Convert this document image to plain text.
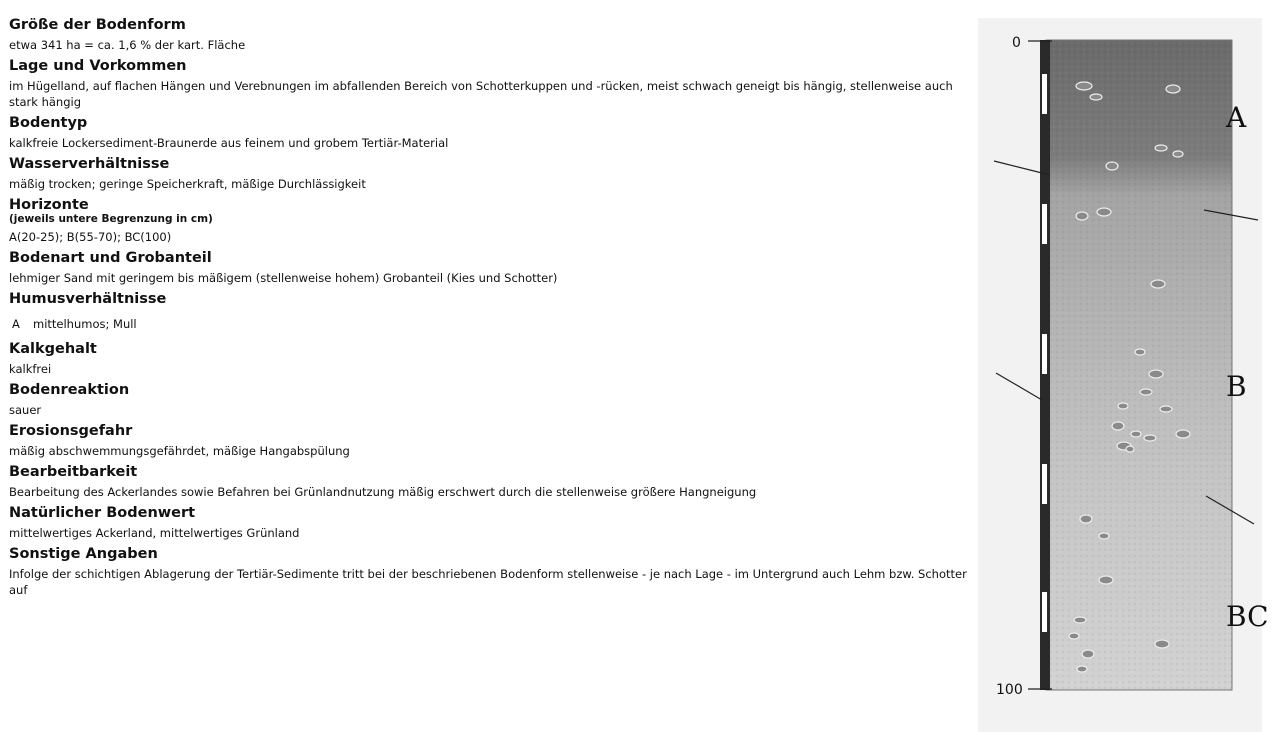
Größe der Bodenform
etwa 341 ha = ca. 1,6 % der kart. Fläche
Lage und Vorkommen
im Hügelland, auf flachen Hängen und Verebnungen im abfallenden Bereich von Schotterkuppen und -rücken, meist schwach geneigt bis hängig, stellenweise auch stark hängig
Bodentyp
kalkfreie Lockersediment-Braunerde aus feinem und grobem Tertiär-Material
Wasserverhältnisse
mäßig trocken; geringe Speicherkraft, mäßige Durchlässigkeit
Horizonte
(jeweils untere Begrenzung in cm)
A(20-25); B(55-70); BC(100)
Bodenart und Grobanteil
lehmiger Sand mit geringem bis mäßigem (stellenweise hohem) Grobanteil (Kies und Schotter)
Humusverhältnisse
A mittelhumos; Mull
Kalkgehalt
kalkfrei
Bodenreaktion
sauer
Erosionsgefahr
mäßig abschwemmungsgefährdet, mäßige Hangabspülung
Bearbeitbarkeit
Bearbeitung des Ackerlandes sowie Befahren bei Grünlandnutzung mäßig erschwert durch die stellenweise größere Hangneigung
Natürlicher Bodenwert
mittelwertiges Ackerland, mittelwertiges Grünland
Sonstige Angaben
Infolge der schichtigen Ablagerung der Tertiär-Sedimente tritt bei der beschriebenen Bodenform stellenweise - je nach Lage - im Untergrund auch Lehm bzw. Schotter auf
0
100
A
B
BC
